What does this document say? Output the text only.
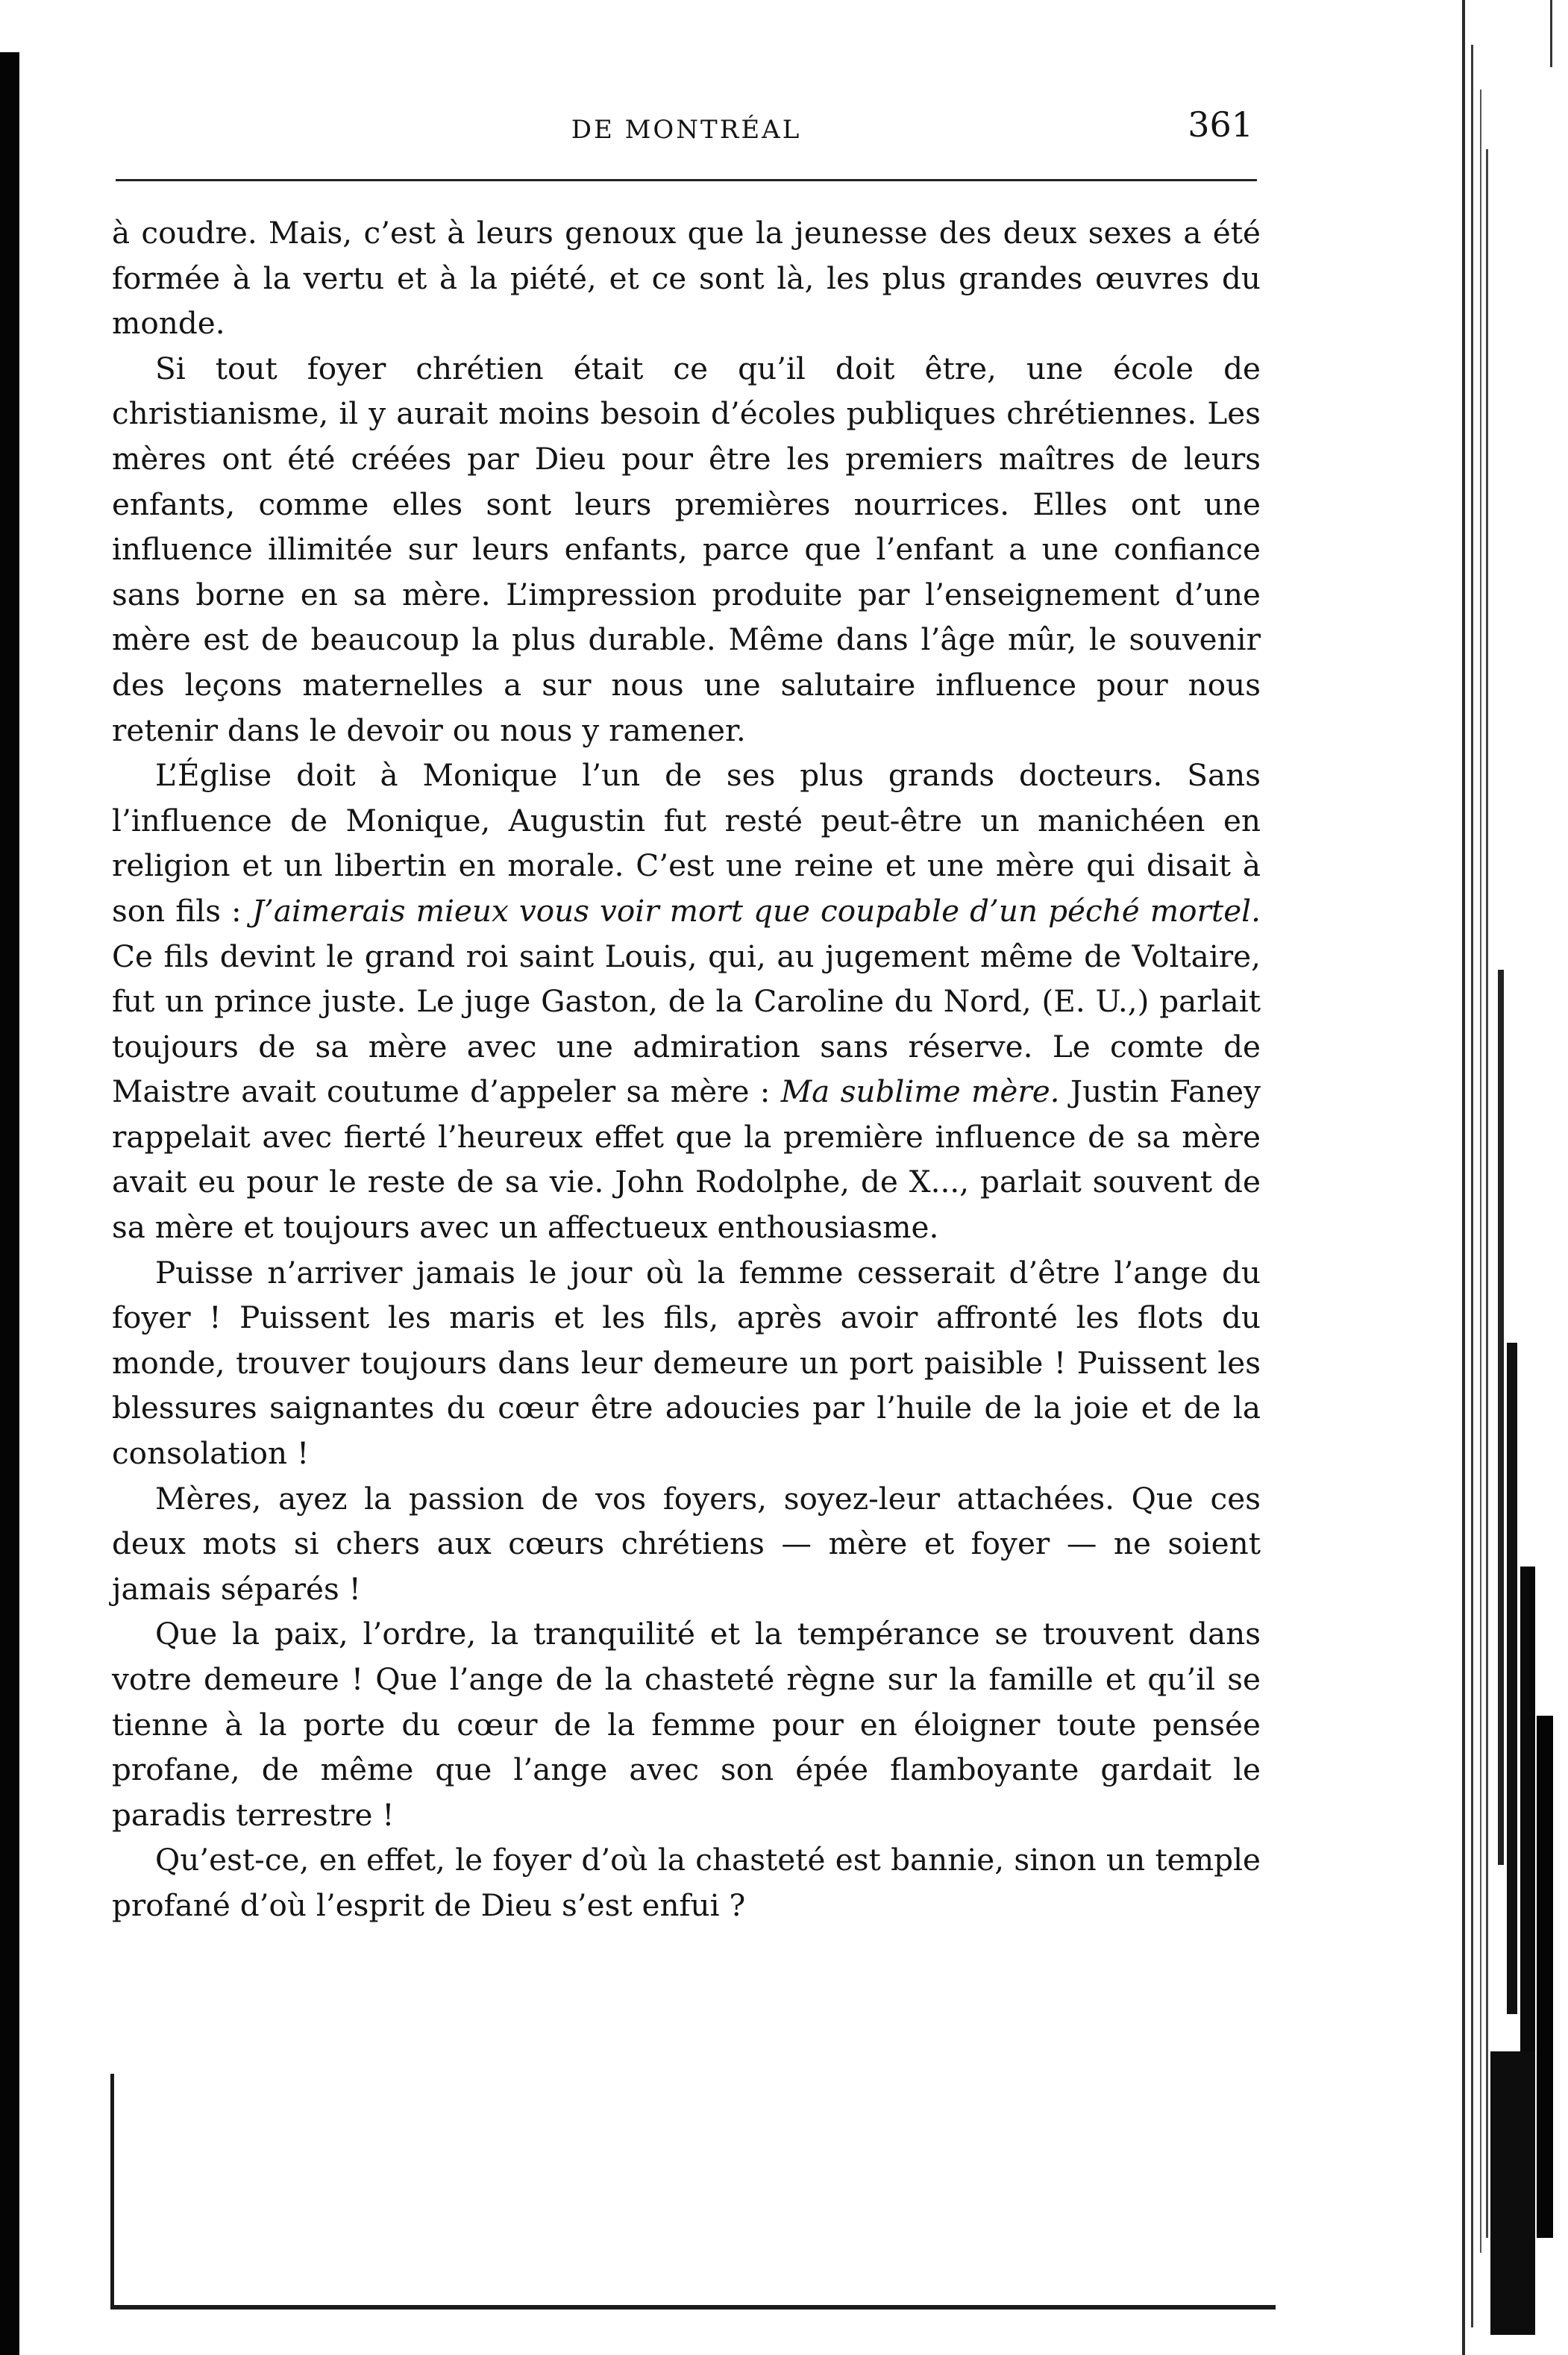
DE MONTRÉAL	361

à coudre. Mais, c’est à leurs genoux que la jeunesse des deux sexes a été formée à la vertu et à la piété, et ce sont là, les plus grandes œuvres du monde.

Si tout foyer chrétien était ce qu’il doit être, une école de christianisme, il y aurait moins besoin d’écoles publiques chrétiennes. Les mères ont été créées par Dieu pour être les premiers maîtres de leurs enfants, comme elles sont leurs premières nourrices. Elles ont une influence illimitée sur leurs enfants, parce que l’enfant a une confiance sans borne en sa mère. L’impression produite par l’enseignement d’une mère est de beaucoup la plus durable. Même dans l’âge mûr, le souvenir des leçons maternelles a sur nous une salutaire influence pour nous retenir dans le devoir ou nous y ramener.

L’Église doit à Monique l’un de ses plus grands docteurs. Sans l’influence de Monique, Augustin fut resté peut-être un manichéen en religion et un libertin en morale. C’est une reine et une mère qui disait à son fils : J’aimerais mieux vous voir mort que coupable d’un péché mortel. Ce fils devint le grand roi saint Louis, qui, au jugement même de Voltaire, fut un prince juste. Le juge Gaston, de la Caroline du Nord, (E. U.,) parlait toujours de sa mère avec une admiration sans réserve. Le comte de Maistre avait coutume d’appeler sa mère : Ma sublime mère. Justin Faney rappelait avec fierté l’heureux effet que la première influence de sa mère avait eu pour le reste de sa vie. John Rodolphe, de X..., parlait souvent de sa mère et toujours avec un affectueux enthousiasme.

Puisse n’arriver jamais le jour où la femme cesserait d’être l’ange du foyer ! Puissent les maris et les fils, après avoir affronté les flots du monde, trouver toujours dans leur demeure un port paisible ! Puissent les blessures saignantes du cœur être adoucies par l’huile de la joie et de la consolation !

Mères, ayez la passion de vos foyers, soyez-leur attachées. Que ces deux mots si chers aux cœurs chrétiens — mère et foyer — ne soient jamais séparés !

Que la paix, l’ordre, la tranquilité et la tempérance se trouvent dans votre demeure ! Que l’ange de la chasteté règne sur la famille et qu’il se tienne à la porte du cœur de la femme pour en éloigner toute pensée profane, de même que l’ange avec son épée flamboyante gardait le paradis terrestre !

Qu’est-ce, en effet, le foyer d’où la chasteté est bannie, sinon un temple profané d’où l’esprit de Dieu s’est enfui ?
